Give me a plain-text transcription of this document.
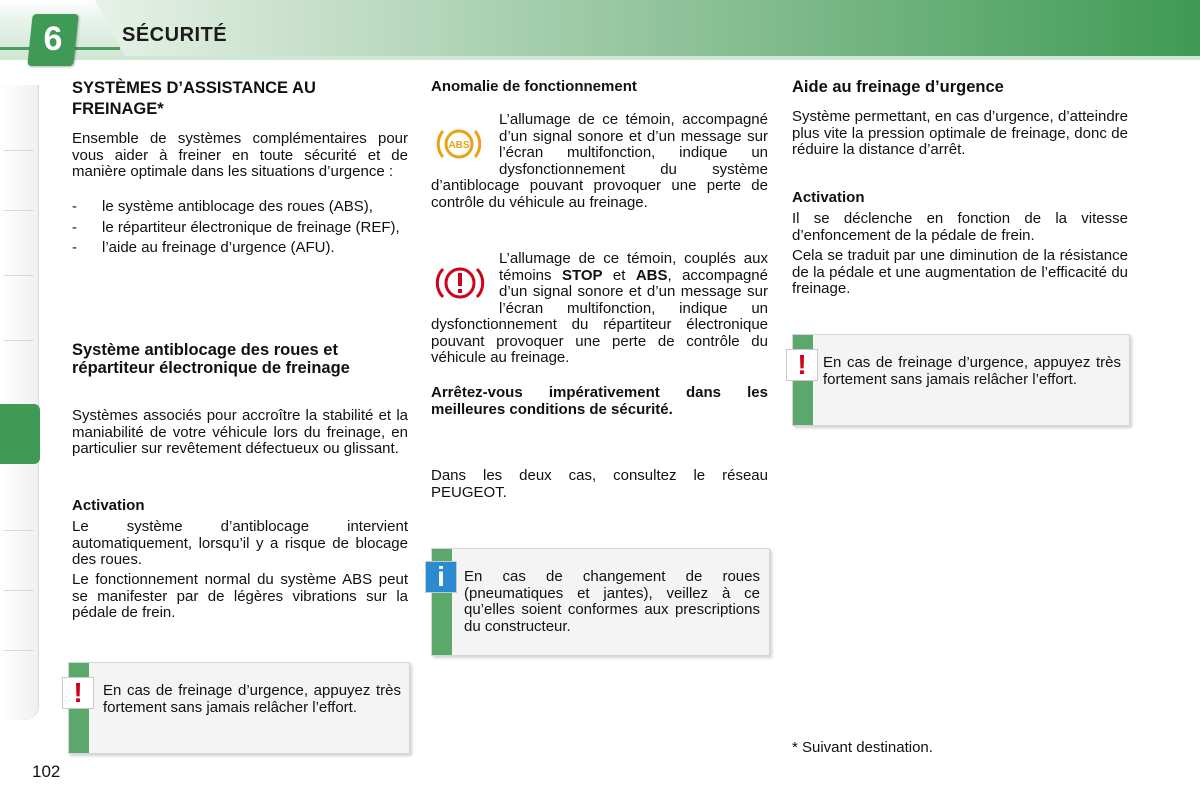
6	SÉCURITÉ
SYSTÈMES D’ASSISTANCE AU FREINAGE*
Ensemble de systèmes complémentaires pour vous aider à freiner en toute sécurité et de manière optimale dans les situations d’urgence :
-	le système antiblocage des roues (ABS),
-	le répartiteur électronique de freinage (REF),
-	l’aide au freinage d’urgence (AFU).
Système antiblocage des roues et répartiteur électronique de freinage
Systèmes associés pour accroître la stabilité et la maniabilité de votre véhicule lors du freinage, en particulier sur revêtement défectueux ou glissant.
Activation
Le système d’antiblocage intervient automatiquement, lorsqu’il y a risque de blocage des roues.
Le fonctionnement normal du système ABS peut se manifester par de légères vibrations sur la pédale de frein.
!	En cas de freinage d’urgence, appuyez très fortement sans jamais relâcher l’effort.
Anomalie de fonctionnement
ABS
L’allumage de ce témoin, accompagné d’un signal sonore et d’un message sur l’écran multifonction, indique un dysfonctionnement du système d’antiblocage pouvant provoquer une perte de contrôle du véhicule au freinage.
L’allumage de ce témoin, couplés aux témoins STOP et ABS, accompagné d’un signal sonore et d’un message sur l’écran multifonction, indique un dysfonctionnement du répartiteur électronique pouvant provoquer une perte de contrôle du véhicule au freinage.
Arrêtez-vous impérativement dans les meilleures conditions de sécurité.
Dans les deux cas, consultez le réseau PEUGEOT.
i	En cas de changement de roues (pneumatiques et jantes), veillez à ce qu’elles soient conformes aux prescriptions du constructeur.
Aide au freinage d’urgence
Système permettant, en cas d’urgence, d’atteindre plus vite la pression optimale de freinage, donc de réduire la distance d’arrêt.
Activation
Il se déclenche en fonction de la vitesse d’enfoncement de la pédale de frein.
Cela se traduit par une diminution de la résistance de la pédale et une augmentation de l’efficacité du freinage.
!	En cas de freinage d’urgence, appuyez très fortement sans jamais relâcher l’effort.
* Suivant destination.
102
